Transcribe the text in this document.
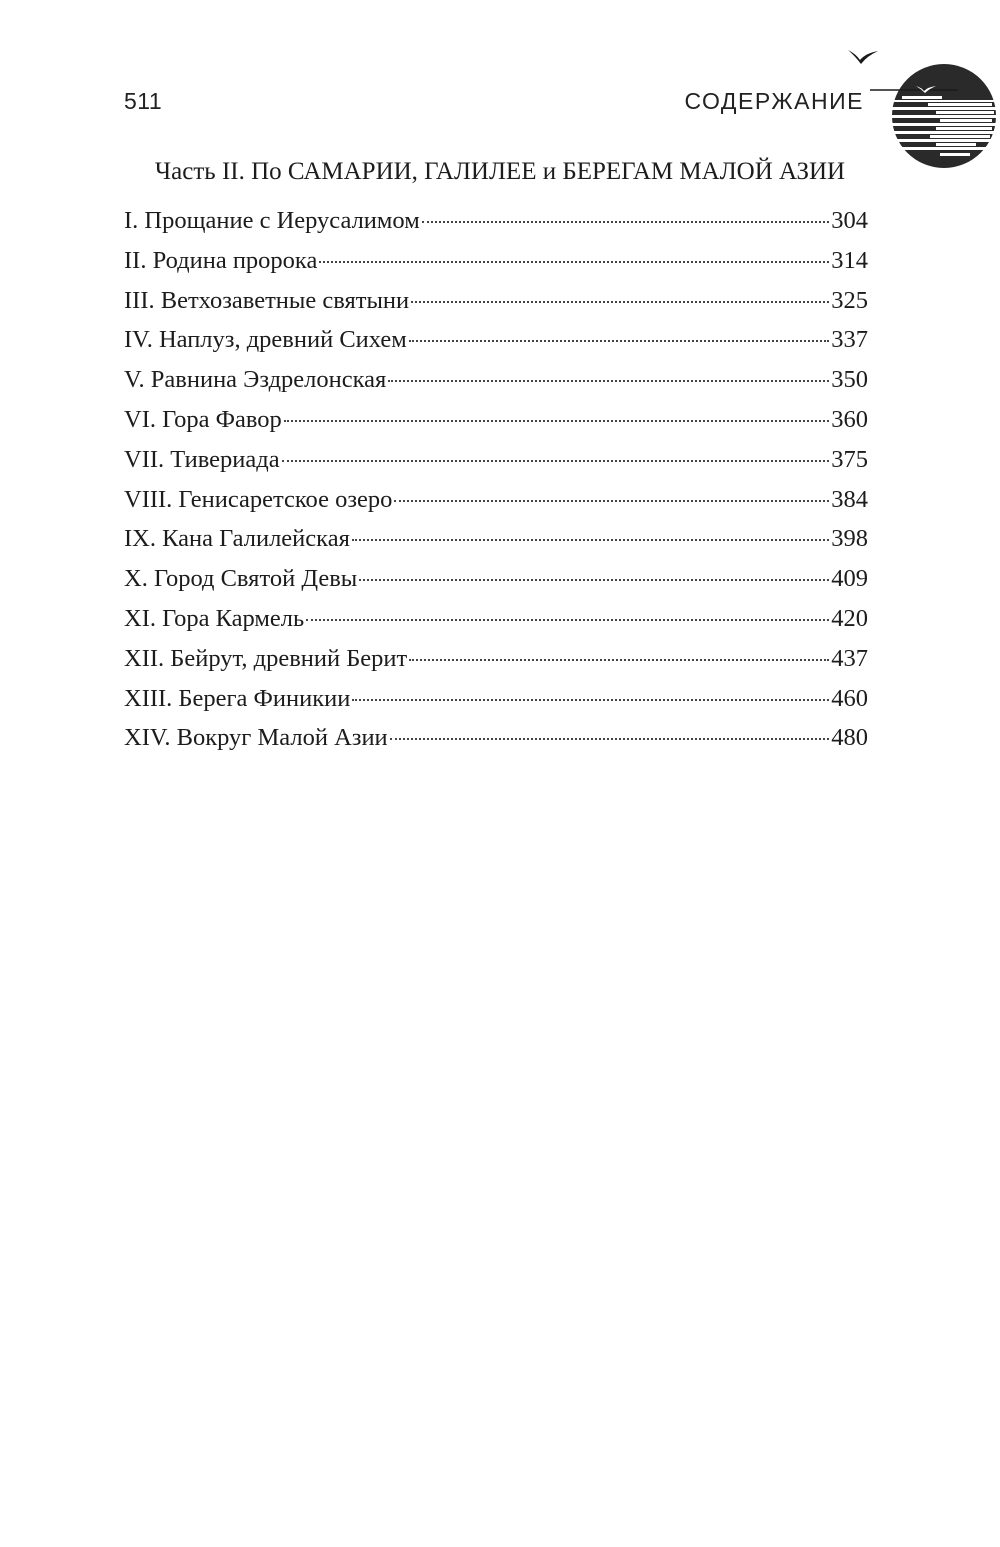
511	СОДЕРЖАНИЕ
Часть II. По САМАРИИ, ГАЛИЛЕЕ и БЕРЕГАМ МАЛОЙ АЗИИ
I. Прощание с Иерусалимом	304
II. Родина пророка	314
III. Ветхозаветные святыни	325
IV. Наплуз, древний Сихем	337
V. Равнина Эздрелонская	350
VI. Гора Фавор	360
VII. Тивериада	375
VIII. Генисаретское озеро	384
IX. Кана Галилейская	398
X. Город Святой Девы	409
XI. Гора Кармель	420
XII. Бейрут, древний Берит	437
XIII. Берега Финикии	460
XIV. Вокруг Малой Азии	480
